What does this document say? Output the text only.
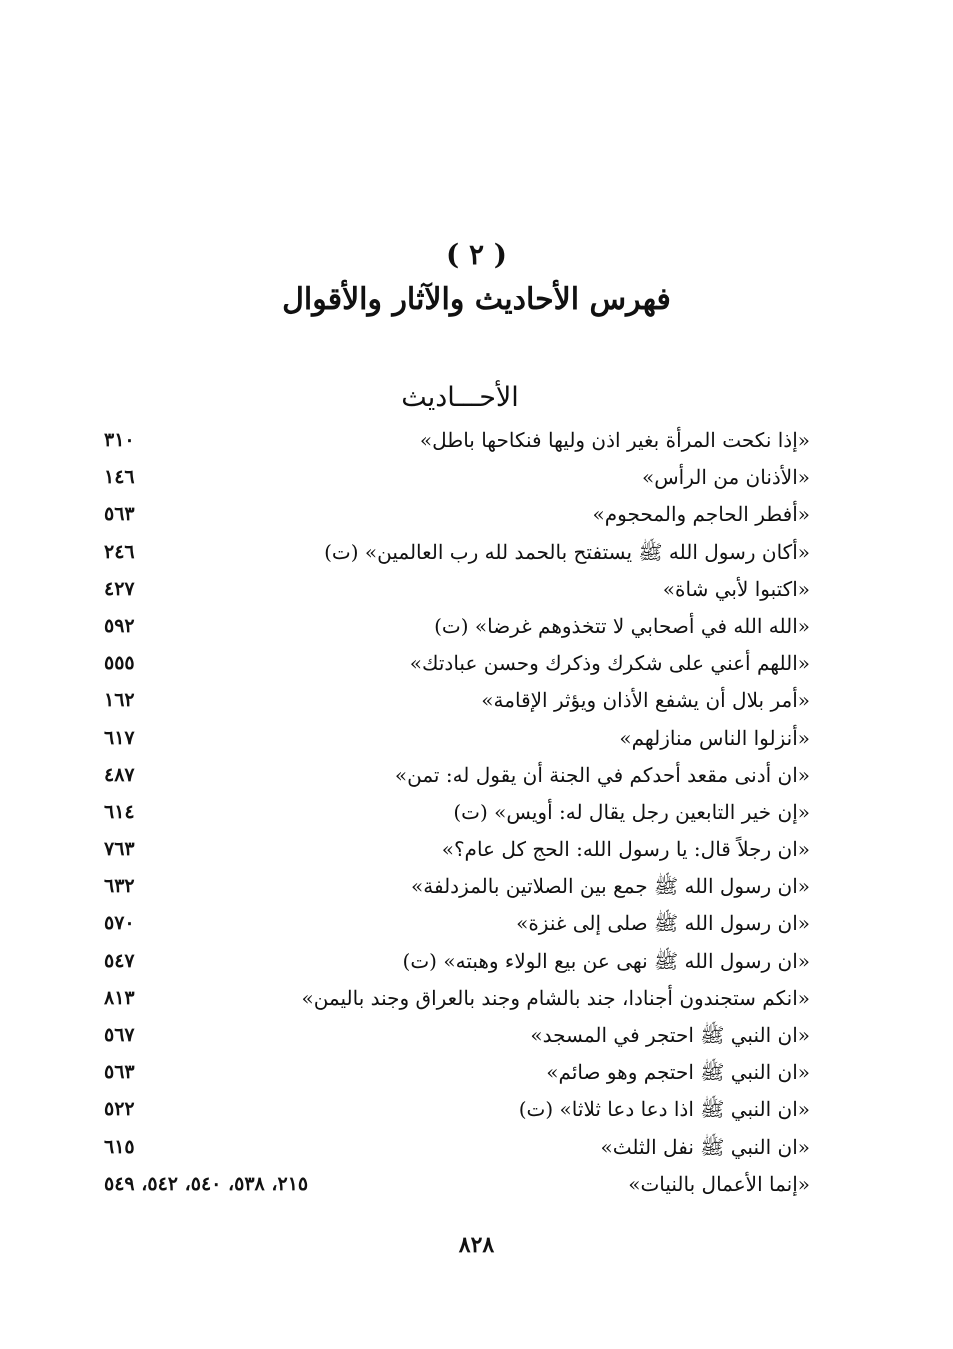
( ٢ )
فهرس الأحاديث والآثار والأقوال
الأحـــاديث
«إذا نكحت المرأة بغير اذن وليها فنكاحها باطل»
٣١٠
«الأذنان من الرأس»
١٤٦
«أفطر الحاجم والمحجوم»
٥٦٣
«أكان رسول الله ﷺ يستفتح بالحمد لله رب العالمين» (ت)
٢٤٦
«اكتبوا لأبي شاة»
٤٢٧
«الله الله في أصحابي لا تتخذوهم غرضا» (ت)
٥٩٢
«اللهم أعني على شكرك وذكرك وحسن عبادتك»
٥٥٥
«أمر بلال أن يشفع الأذان ويؤثر الإقامة»
١٦٢
«أنزلوا الناس منازلهم»
٦١٧
«ان أدنى مقعد أحدكم في الجنة أن يقول له: تمن»
٤٨٧
«إن خير التابعين رجل يقال له: أويس» (ت)
٦١٤
«ان رجلاً قال: يا رسول الله: الحج كل عام؟»
٧٦٣
«ان رسول الله ﷺ جمع بين الصلاتين بالمزدلفة»
٦٣٢
«ان رسول الله ﷺ صلى إلى غنزة»
٥٧٠
«ان رسول الله ﷺ نهى عن بيع الولاء وهبته» (ت)
٥٤٧
«انكم ستجندون أجنادا، جند بالشام وجند بالعراق وجند باليمن»
٨١٣
«ان النبي ﷺ احتجر في المسجد»
٥٦٧
«ان النبي ﷺ احتجم وهو صائم»
٥٦٣
«ان النبي ﷺ اذا دعا دعا ثلاثا» (ت)
٥٢٢
«ان النبي ﷺ نفل الثلث»
٦١٥
«إنما الأعمال بالنيات»
٢١٥، ٥٣٨، ٥٤٠، ٥٤٢، ٥٤٩
٨٢٨
